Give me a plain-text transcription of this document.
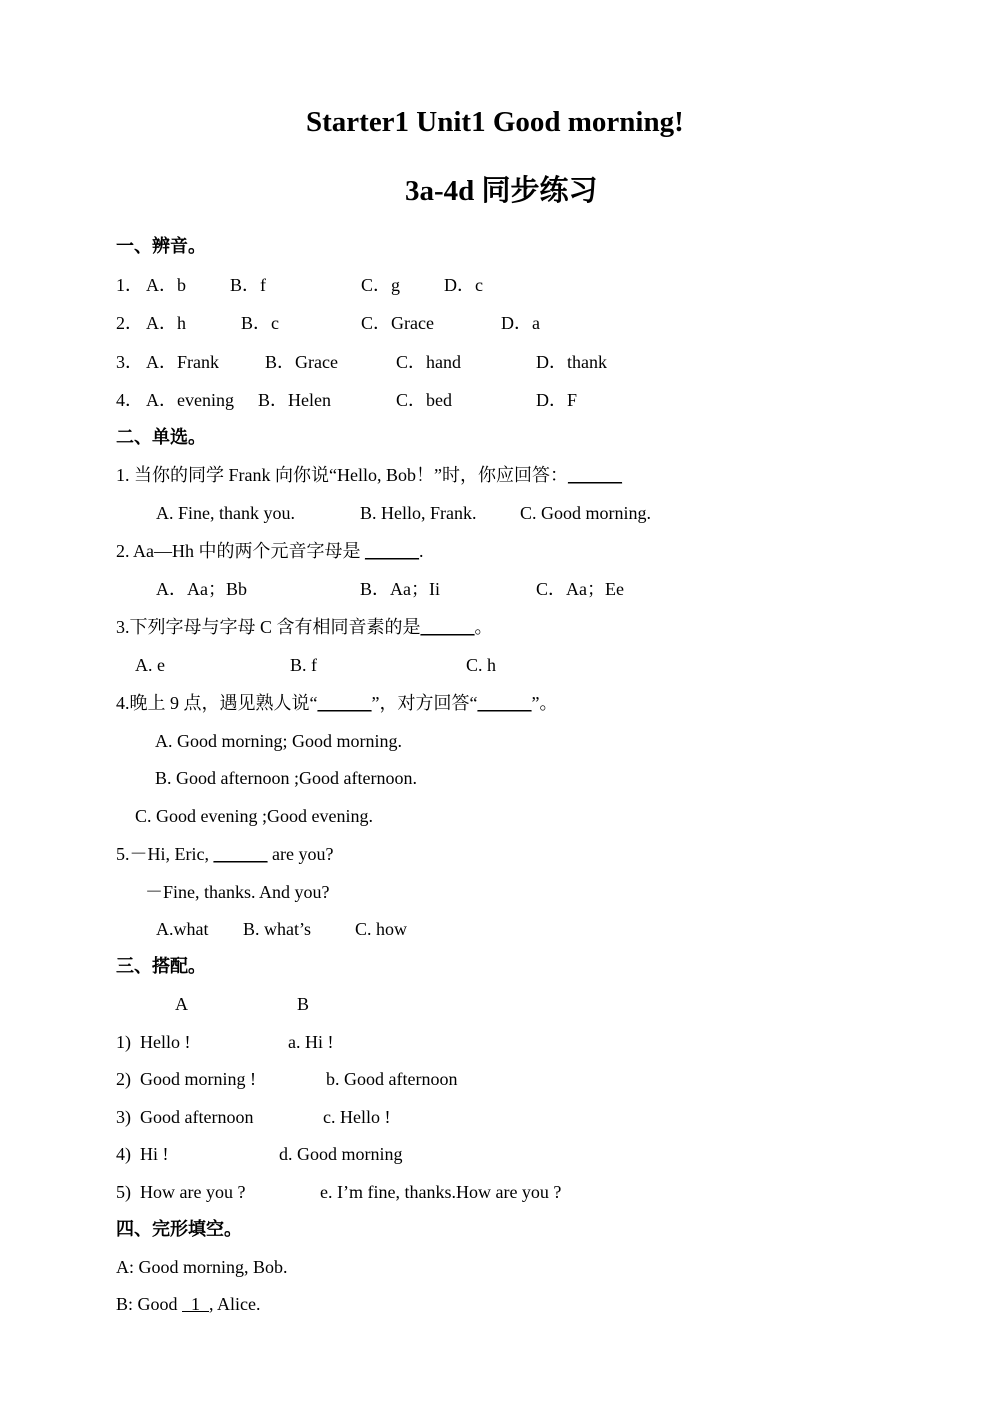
Starter1 Unit1 Good morning!
3a-4d 同步练习
一、辨音。
1． A．b B．f	C．g D．c
2． A．h	B．c	C．Grace	D．a
3． A．Frank	B．Grace	C．hand	D．thank
4． A．evening B．Helen	C．bed	D．F
二、单选。
1. 当你的同学 Frank 向你说“Hello, Bob！”时，你应回答：______
A. Fine, thank you.	B. Hello, Frank. C. Good morning.
2. Aa—Hh 中的两个元音字母是 ______.
A．Aa；Bb	B．Aa；Ii	C．Aa；Ee
3.下列字母与字母 C 含有相同音素的是______。
A. e	B. f	C. h
4.晚上 9 点，遇见熟人说“______”，对方回答“______”。
A. Good morning; Good morning.
B. Good afternoon ;Good afternoon.
C. Good evening ;Good evening.
5.－Hi, Eric, ______ are you?
－Fine, thanks. And you?
A.what B. what’s C. how
三、搭配。
A	B
1)  Hello !	a. Hi !
2)  Good morning !	b. Good afternoon
3)  Good afternoon	c. Hello !
4)  Hi !	d. Good morning
5)  How are you ?	e. I’m fine, thanks.How are you ?
四、完形填空。
A: Good morning, Bob.
B: Good   1  , Alice.
